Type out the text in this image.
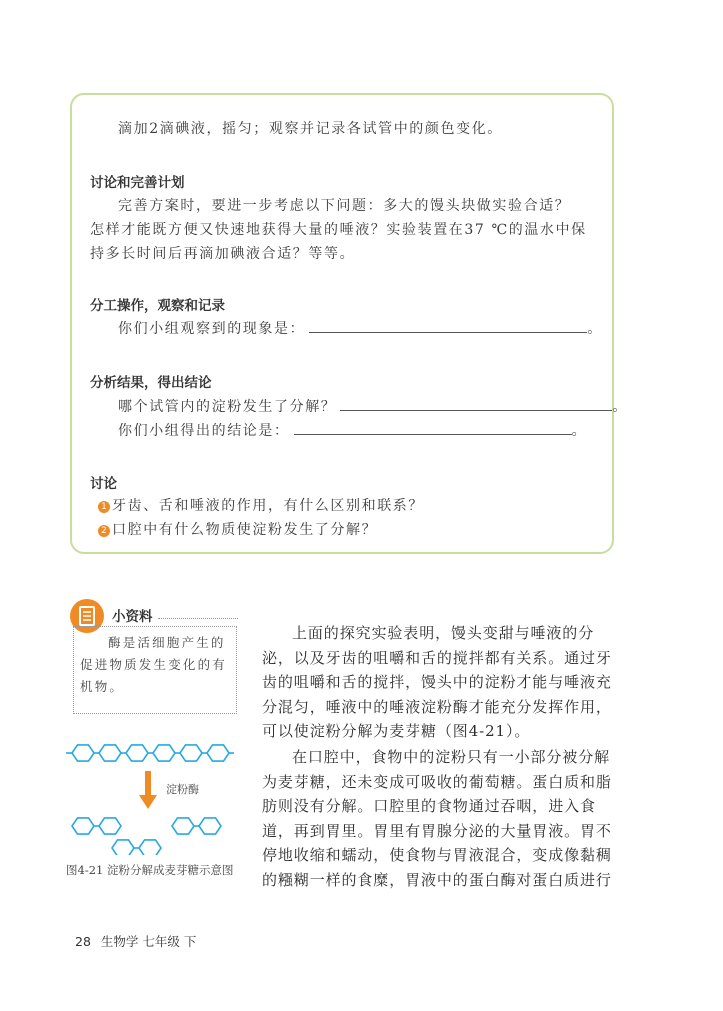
滴加2滴碘液，摇匀；观察并记录各试管中的颜色变化。
讨论和完善计划
完善方案时，要进一步考虑以下问题：多大的馒头块做实验合适？
怎样才能既方便又快速地获得大量的唾液？实验装置在37 ℃的温水中保
持多长时间后再滴加碘液合适？等等。
分工操作，观察和记录
你们小组观察到的现象是：	。
分析结果，得出结论
哪个试管内的淀粉发生了分解？	。
你们小组得出的结论是：	。
讨论
1 牙齿、舌和唾液的作用，有什么区别和联系？
2 口腔中有什么物质使淀粉发生了分解？
小资料
酶是活细胞产生的促进物质发生变化的有机物。
淀粉酶
图4-21 淀粉分解成麦芽糖示意图
上面的探究实验表明，馒头变甜与唾液的分泌，以及牙齿的咀嚼和舌的搅拌都有关系。通过牙齿的咀嚼和舌的搅拌，馒头中的淀粉才能与唾液充分混匀，唾液中的唾液淀粉酶才能充分发挥作用，可以使淀粉分解为麦芽糖（图4-21）。
在口腔中，食物中的淀粉只有一小部分被分解为麦芽糖，还未变成可吸收的葡萄糖。蛋白质和脂肪则没有分解。口腔里的食物通过吞咽，进入食道，再到胃里。胃里有胃腺分泌的大量胃液。胃不停地收缩和蠕动，使食物与胃液混合，变成像黏稠的糨糊一样的食糜，胃液中的蛋白酶对蛋白质进行
28 生物学 七年级 下
